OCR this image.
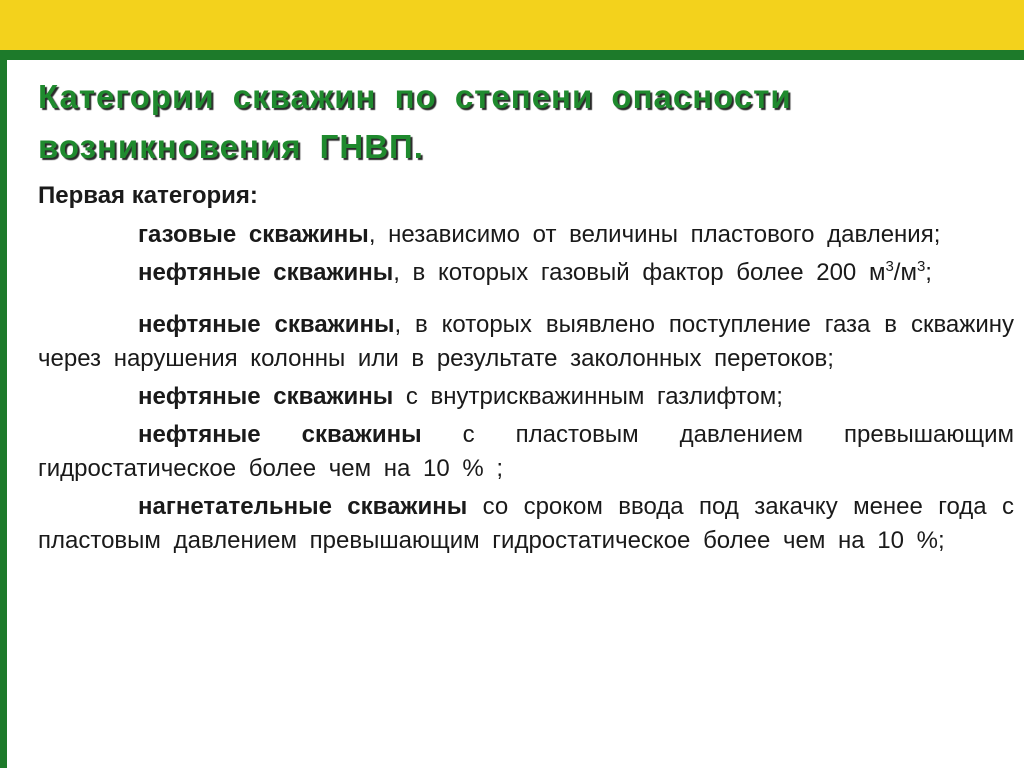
Категории скважин по степени опасности
возникновения ГНВП.
Первая категория:
газовые скважины, независимо от величины пластового давления;
нефтяные скважины, в которых газовый фактор более 200 $м^3/м^3$;
нефтяные скважины, в которых выявлено поступление газа в скважину через нарушения колонны или в результате заколонных перетоков;
нефтяные скважины с внутрискважинным газлифтом;
нефтяные скважины с пластовым давлением превышающим гидростатическое более чем на 10 % ;
нагнетательные скважины со сроком ввода под закачку менее года с пластовым давлением превышающим гидростатическое более чем на 10 %;
